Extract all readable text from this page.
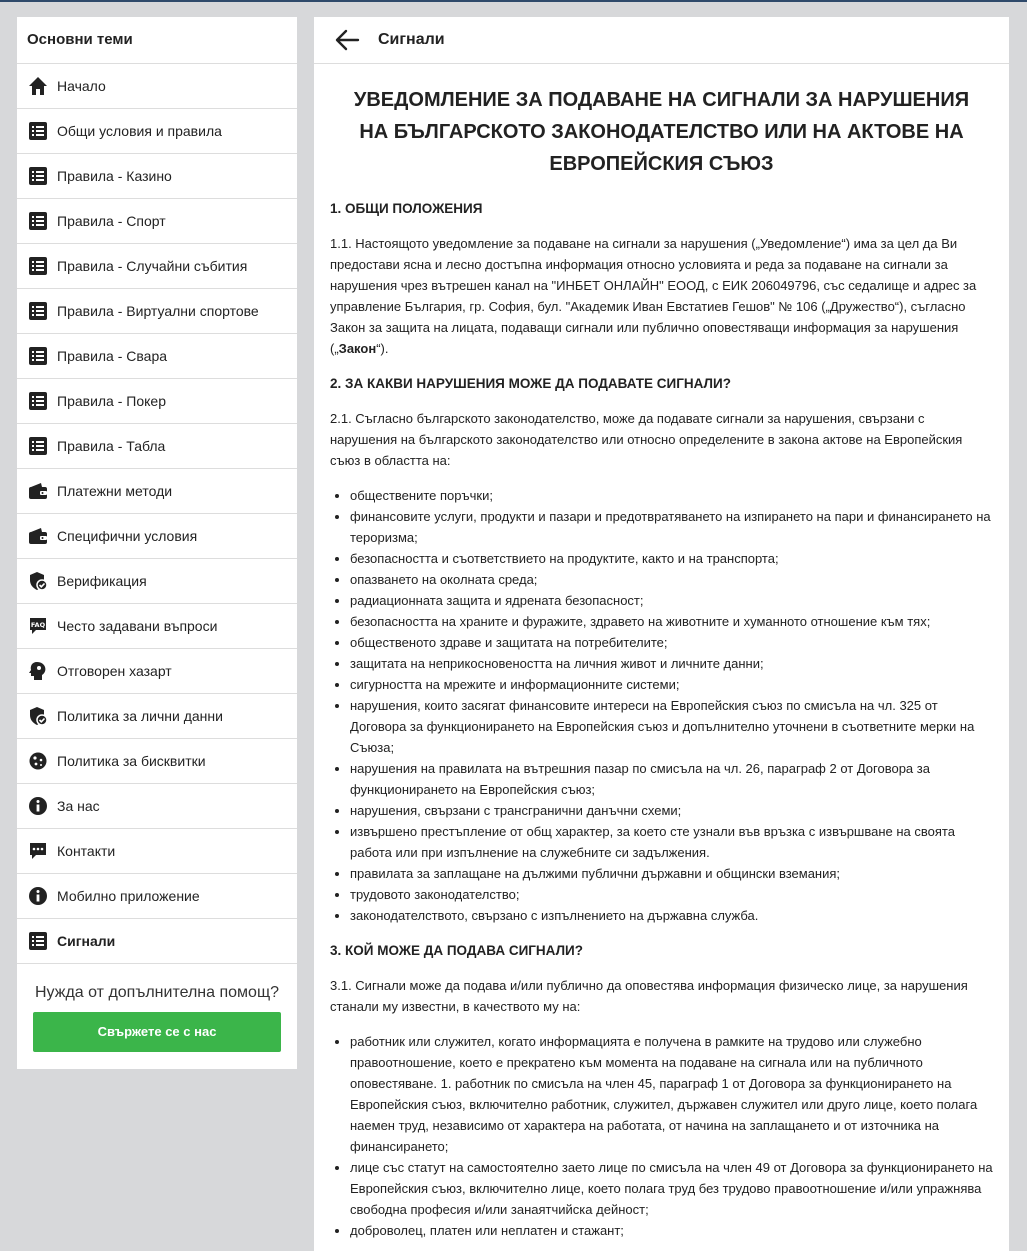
Основни теми
Начало
Общи условия и правила
Правила - Казино
Правила - Спорт
Правила - Случайни събития
Правила - Виртуални спортове
Правила - Свара
Правила - Покер
Правила - Табла
Платежни методи
Специфични условия
Верификация
FAQ Често задавани въпроси
Отговорен хазарт
Политика за лични данни
Политика за бисквитки
За нас
Контакти
Мобилно приложение
Сигнали
Нужда от допълнителна помощ?
Свържете се с нас
Сигнали
УВЕДОМЛЕНИЕ ЗА ПОДАВАНЕ НА СИГНАЛИ ЗА НАРУШЕНИЯ НА БЪЛГАРСКОТО ЗАКОНОДАТЕЛСТВО ИЛИ НА АКТОВЕ НА ЕВРОПЕЙСКИЯ СЪЮЗ
1. ОБЩИ ПОЛОЖЕНИЯ

1.1. Настоящото уведомление за подаване на сигнали за нарушения („Уведомление“) има за цел да Ви предостави ясна и лесно достъпна информация относно условията и реда за подаване на сигнали за нарушения чрез вътрешен канал на "ИНБЕТ ОНЛАЙН" ЕООД, с ЕИК 206049796, със седалище и адрес за управление България, гр. София, бул. "Академик Иван Евстатиев Гешов" № 106 („Дружество“), съгласно Закон за защита на лицата, подаващи сигнали или публично оповестяващи информация за нарушения („Закон“).

2. ЗА КАКВИ НАРУШЕНИЯ МОЖЕ ДА ПОДАВАТЕ СИГНАЛИ?

2.1. Съгласно българското законодателство, може да подавате сигнали за нарушения, свързани с нарушения на българското законодателство или относно определените в закона актове на Европейския съюз в областта на:

• обществените поръчки;
• финансовите услуги, продукти и пазари и предотвратяването на изпирането на пари и финансирането на тероризма;
• безопасността и съответствието на продуктите, както и на транспорта;
• опазването на околната среда;
• радиационната защита и ядрената безопасност;
• безопасността на храните и фуражите, здравето на животните и хуманното отношение към тях;
• общественото здраве и защитата на потребителите;
• защитата на неприкосновеността на личния живот и личните данни;
• сигурността на мрежите и информационните системи;
• нарушения, които засягат финансовите интереси на Европейския съюз по смисъла на чл. 325 от Договора за функционирането на Европейския съюз и допълнително уточнени в съответните мерки на Съюза;
• нарушения на правилата на вътрешния пазар по смисъла на чл. 26, параграф 2 от Договора за функционирането на Европейския съюз;
• нарушения, свързани с трансгранични данъчни схеми;
• извършено престъпление от общ характер, за което сте узнали във връзка с извършване на своята работа или при изпълнение на служебните си задължения.
• правилата за заплащане на дължими публични държавни и общински вземания;
• трудовото законодателство;
• законодателството, свързано с изпълнението на държавна служба.
3. КОЙ МОЖЕ ДА ПОДАВА СИГНАЛИ?

3.1. Сигнали може да подава и/или публично да оповестява информация физическо лице, за нарушения станали му известни, в качеството му на:

• работник или служител, когато информацията е получена в рамките на трудово или служебно правоотношение, което е прекратено към момента на подаване на сигнала или на публичното оповестяване. 1. работник по смисъла на член 45, параграф 1 от Договора за функционирането на Европейския съюз, включително работник, служител, държавен служител или друго лице, което полага наемен труд, независимо от характера на работата, от начина на заплащането и от източника на финансирането;
• лице със статут на самостоятелно заето лице по смисъла на член 49 от Договора за функционирането на Европейския съюз, включително лице, което полага труд без трудово правоотношение и/или упражнява свободна професия и/или занаятчийска дейност;
• доброволец, платен или неплатен и стажант;
